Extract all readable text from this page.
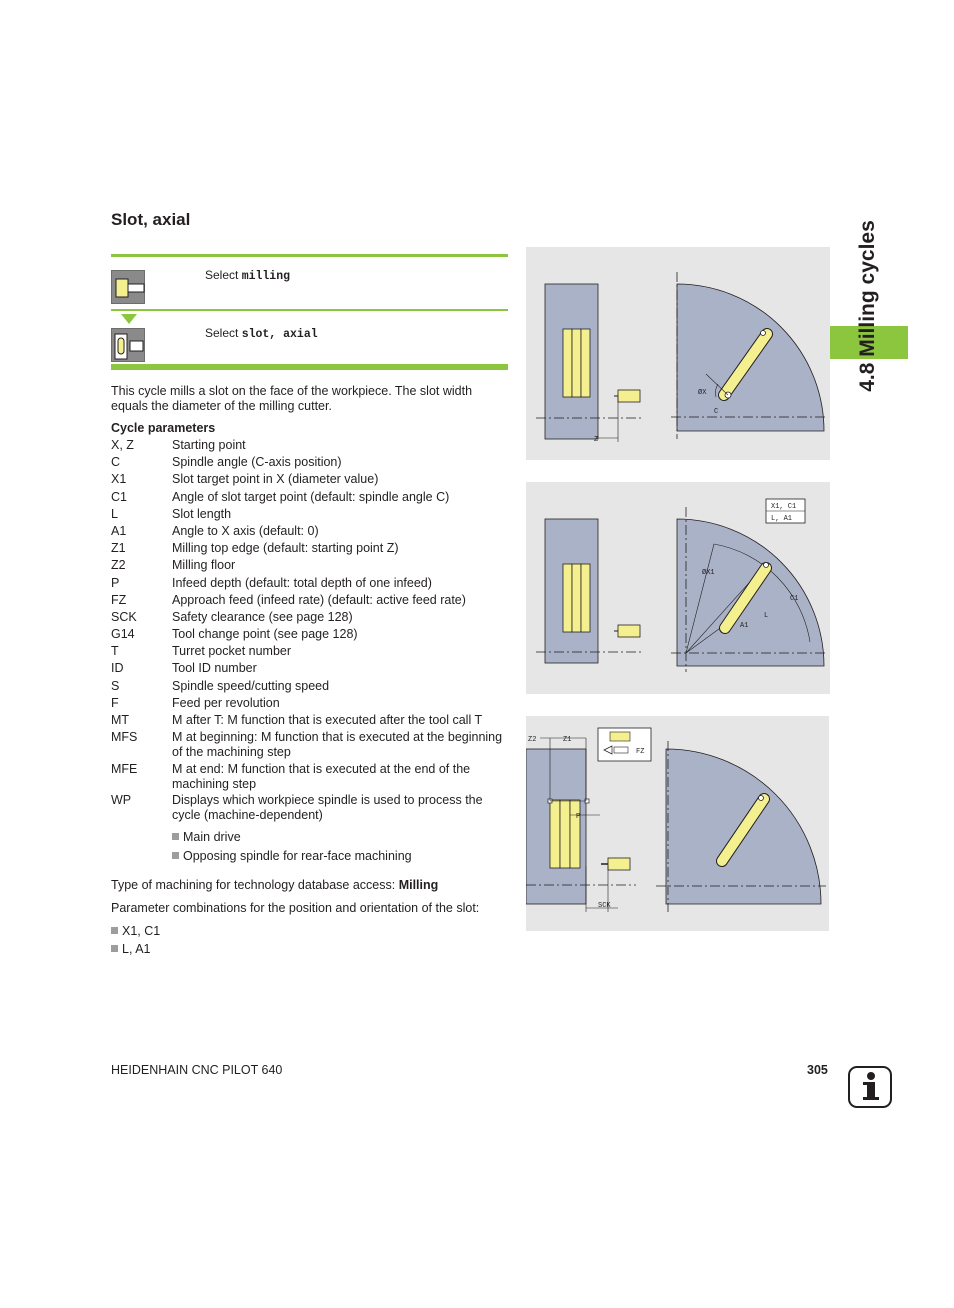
4.8 Milling cycles
Slot, axial
Select milling
Select slot, axial
This cycle mills a slot on the face of the workpiece. The slot width equals the diameter of the milling cutter.
Cycle parameters
X, Z	Starting point
C	Spindle angle (C-axis position)
X1	Slot target point in X (diameter value)
C1	Angle of slot target point (default: spindle angle C)
L	Slot length
A1	Angle to X axis (default: 0)
Z1	Milling top edge (default: starting point Z)
Z2	Milling floor
P	Infeed depth (default: total depth of one infeed)
FZ	Approach feed (infeed rate) (default: active feed rate)
SCK	Safety clearance (see page 128)
G14	Tool change point (see page 128)
T	Turret pocket number
ID	Tool ID number
S	Spindle speed/cutting speed
F	Feed per revolution
MT	M after T: M function that is executed after the tool call T
MFS	M at beginning: M function that is executed at the beginning of the machining step
MFE	M at end: M function that is executed at the end of the machining step
WP	Displays which workpiece spindle is used to process the cycle (machine-dependent)
Main drive
Opposing spindle for rear-face machining
Type of machining for technology database access: Milling
Parameter combinations for the position and orientation of the slot:
X1, C1
L, A1
Z
ØX
C
X1, C1
L, A1
ØX1
C1
L
A1
Z2	Z1
P
SCK
FZ
HEIDENHAIN CNC PILOT 640	305
